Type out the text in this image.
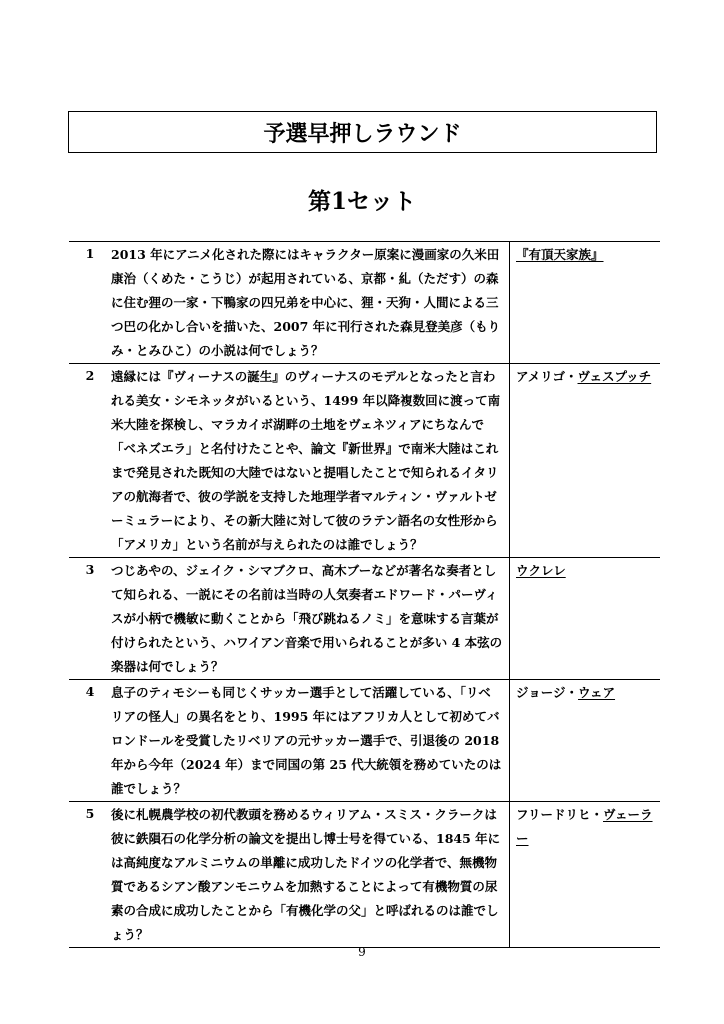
予選早押しラウンド
第1セット
1	2013 年にアニメ化された際にはキャラクター原案に漫画家の久米田康治（くめた・こうじ）が起用されている、京都・糺（ただす）の森に住む狸の一家・下鴨家の四兄弟を中心に、狸・天狗・人間による三つ巴の化かし合いを描いた、2007 年に刊行された森見登美彦（もりみ・とみひこ）の小説は何でしょう？	『有頂天家族』
2	遠縁には『ヴィーナスの誕生』のヴィーナスのモデルとなったと言われる美女・シモネッタがいるという、1499 年以降複数回に渡って南米大陸を探検し、マラカイボ湖畔の土地をヴェネツィアにちなんで「ベネズエラ」と名付けたことや、論文『新世界』で南米大陸はこれまで発見された既知の大陸ではないと提唱したことで知られるイタリアの航海者で、彼の学説を支持した地理学者マルティン・ヴァルトゼーミュラーにより、その新大陸に対して彼のラテン語名の女性形から「アメリカ」という名前が与えられたのは誰でしょう？	アメリゴ・ヴェスプッチ
3	つじあやの、ジェイク・シマブクロ、高木ブーなどが著名な奏者として知られる、一説にその名前は当時の人気奏者エドワード・パーヴィスが小柄で機敏に動くことから「飛び跳ねるノミ」を意味する言葉が付けられたという、ハワイアン音楽で用いられることが多い 4 本弦の楽器は何でしょう？	ウクレレ
4	息子のティモシーも同じくサッカー選手として活躍している、「リベリアの怪人」の異名をとり、1995 年にはアフリカ人として初めてバロンドールを受賞したリベリアの元サッカー選手で、引退後の 2018 年から今年（2024 年）まで同国の第 25 代大統領を務めていたのは誰でしょう？	ジョージ・ウェア
5	後に札幌農学校の初代教頭を務めるウィリアム・スミス・クラークは彼に鉄隕石の化学分析の論文を提出し博士号を得ている、1845 年には高純度なアルミニウムの単離に成功したドイツの化学者で、無機物質であるシアン酸アンモニウムを加熱することによって有機物質の尿素の合成に成功したことから「有機化学の父」と呼ばれるのは誰でしょう？	フリードリヒ・ヴェーラー
9
